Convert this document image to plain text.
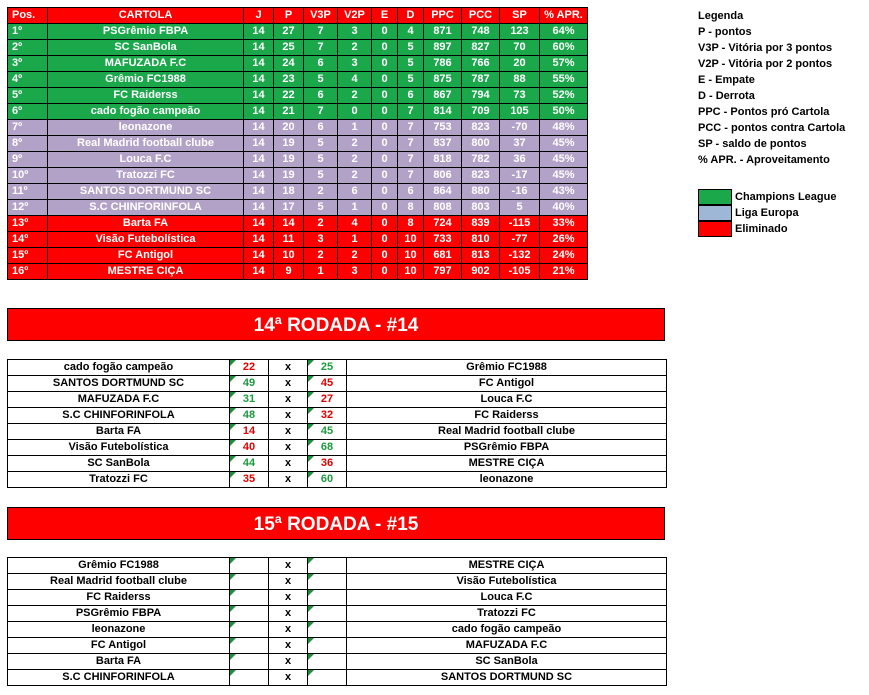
Pos.	CARTOLA	J	P	V3P	V2P	E	D	PPC	PCC	SP	% APR.
1º	PSGrêmio FBPA	14	27	7	3	0	4	871	748	123	64%
2º	SC SanBola	14	25	7	2	0	5	897	827	70	60%
3º	MAFUZADA F.C	14	24	6	3	0	5	786	766	20	57%
4º	Grêmio FC1988	14	23	5	4	0	5	875	787	88	55%
5º	FC Raiderss	14	22	6	2	0	6	867	794	73	52%
6º	cado fogão campeão	14	21	7	0	0	7	814	709	105	50%
7º	leonazone	14	20	6	1	0	7	753	823	-70	48%
8º	Real Madrid football clube	14	19	5	2	0	7	837	800	37	45%
9º	Louca F.C	14	19	5	2	0	7	818	782	36	45%
10º	Tratozzi FC	14	19	5	2	0	7	806	823	-17	45%
11º	SANTOS DORTMUND SC	14	18	2	6	0	6	864	880	-16	43%
12º	S.C CHINFORINFOLA	14	17	5	1	0	8	808	803	5	40%
13º	Barta FA	14	14	2	4	0	8	724	839	-115	33%
14º	Visão Futebolística	14	11	3	1	0	10	733	810	-77	26%
15º	FC Antigol	14	10	2	2	0	10	681	813	-132	24%
16º	MESTRE CIÇA	14	9	1	3	0	10	797	902	-105	21%
Legenda
P - pontos
V3P - Vitória por 3 pontos
V2P - Vitória por 2 pontos
E - Empate
D - Derrota
PPC - Pontos pró Cartola
PCC - pontos contra Cartola
SP - saldo de pontos
% APR. - Aproveitamento
Champions League
Liga Europa
Eliminado
14ª RODADA - #14
cado fogão campeão	22	x	25	Grêmio FC1988
SANTOS DORTMUND SC	49	x	45	FC Antigol
MAFUZADA F.C	31	x	27	Louca F.C
S.C CHINFORINFOLA	48	x	32	FC Raiderss
Barta FA	14	x	45	Real Madrid football clube
Visão Futebolística	40	x	68	PSGrêmio FBPA
SC SanBola	44	x	36	MESTRE CIÇA
Tratozzi FC	35	x	60	leonazone
15ª RODADA - #15
Grêmio FC1988		x		MESTRE CIÇA
Real Madrid football clube		x		Visão Futebolística
FC Raiderss		x		Louca F.C
PSGrêmio FBPA		x		Tratozzi FC
leonazone		x		cado fogão campeão
FC Antigol		x		MAFUZADA F.C
Barta FA		x		SC SanBola
S.C CHINFORINFOLA		x		SANTOS DORTMUND SC
